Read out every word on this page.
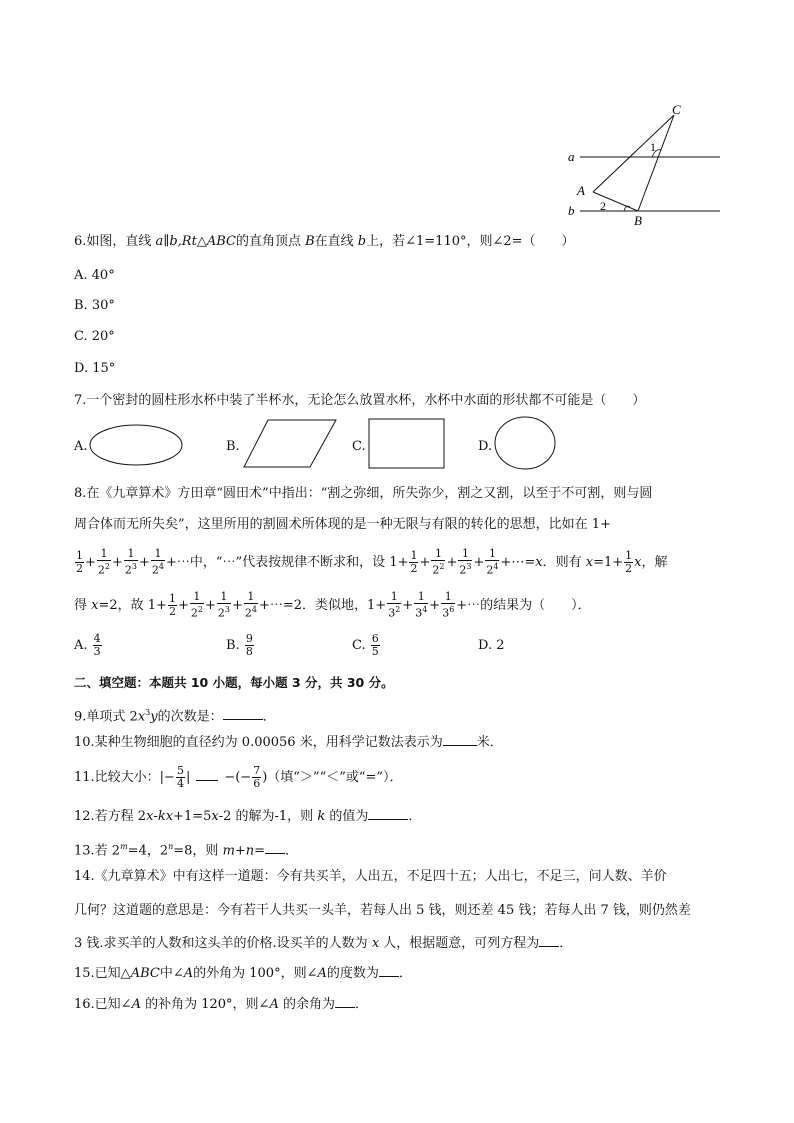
C
a
1
A
b 2
B
6.如图，直线 a∥b,Rt△ABC的直角顶点 B在直线 b上，若∠1=110°，则∠2=（　　）
A. 40°
B. 30°
C. 20°
D. 15°
7.一个密封的圆柱形水杯中装了半杯水，无论怎么放置水杯，水杯中水面的形状都不可能是（　　）
A.	B.	C.	D.
8.在《九章算术》方田章“圆田术”中指出：“割之弥细，所失弥少，割之又割，以至于不可割，则与圆
周合体而无所失矣”，这里所用的割圆术所体现的是一种无限与有限的转化的思想，比如在 1+
$\frac{1}{2} + \frac{1}{2^2} + \frac{1}{2^3} + \frac{1}{2^4}$ +⋯中，“⋯”代表按规律不断求和，设 $1+ \frac{1}{2} + \frac{1}{2^2} + \frac{1}{2^3} + \frac{1}{2^4}$ +⋯=x．则有 $x=1+ \frac{1}{2}$ x，解
得 x=2，故 $1+ \frac{1}{2} + \frac{1}{2^2} + \frac{1}{2^3} + \frac{1}{2^4}$ +⋯=2．类似地，$1+ \frac{1}{3^2} + \frac{1}{3^4} + \frac{1}{3^6}$ +⋯的结果为（　　）．
A. $\frac{4}{3}$	B. $\frac{9}{8}$	C. $\frac{6}{5}$	D. 2
二、填空题：本题共 10 小题，每小题 3 分，共 30 分。
9.单项式 $2x^3y$的次数是：	．
10.某种生物细胞的直径约为 0.00056 米，用科学记数法表示为	米．
11.比较大小：|− $\frac{5}{4}$ |	−(− $\frac{7}{6}$ )（填“＞”“＜”或“=”）．
12.若方程 2x-kx+1=5x-2 的解为-1，则 k 的值为	．
13.若 $2^m=4$，$2^n=8$，则 m+n= ．
14.《九章算术》中有这样一道题：今有共买羊，人出五，不足四十五；人出七，不足三，问人数、羊价
几何？这道题的意思是：今有若干人共买一头羊，若每人出 5 钱，则还差 45 钱；若每人出 7 钱，则仍然差
3 钱.求买羊的人数和这头羊的价格.设买羊的人数为 x 人，根据题意，可列方程为 ．
15.已知△ABC中∠A的外角为 100°，则∠A的度数为 ．
16.已知∠A 的补角为 120°，则∠A 的余角为 ．
